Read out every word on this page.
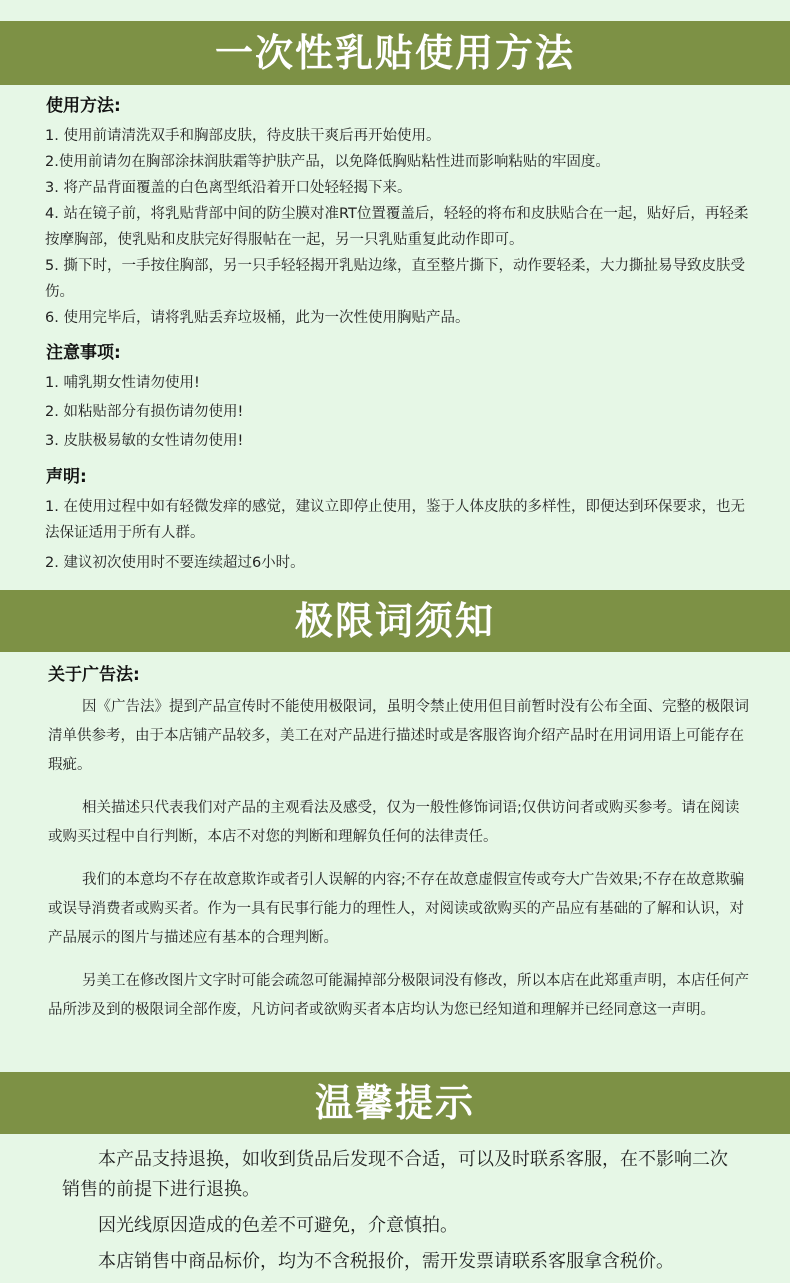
一次性乳贴使用方法
使用方法:
1. 使用前请清洗双手和胸部皮肤，待皮肤干爽后再开始使用。
2.使用前请勿在胸部涂抹润肤霜等护肤产品，以免降低胸贴粘性进而影响粘贴的牢固度。
3. 将产品背面覆盖的白色离型纸沿着开口处轻轻揭下来。
4. 站在镜子前，将乳贴背部中间的防尘膜对准RT位置覆盖后，轻轻的将布和皮肤贴合在一起，贴好后，再轻柔按摩胸部，使乳贴和皮肤完好得服帖在一起，另一只乳贴重复此动作即可。
5. 撕下时，一手按住胸部，另一只手轻轻揭开乳贴边缘，直至整片撕下，动作要轻柔，大力撕扯易导致皮肤受伤。
6. 使用完毕后，请将乳贴丢弃垃圾桶，此为一次性使用胸贴产品。
注意事项:
1. 哺乳期女性请勿使用!
2. 如粘贴部分有损伤请勿使用!
3. 皮肤极易敏的女性请勿使用!
声明:
1. 在使用过程中如有轻微发痒的感觉，建议立即停止使用，鉴于人体皮肤的多样性，即便达到环保要求，也无法保证适用于所有人群。
2. 建议初次使用时不要连续超过6小时。
极限词须知
关于广告法:
因《广告法》提到产品宣传时不能使用极限词，虽明令禁止使用但目前暂时没有公布全面、完整的极限词清单供参考，由于本店铺产品较多，美工在对产品进行描述时或是客服咨询介绍产品时在用词用语上可能存在瑕疵。
相关描述只代表我们对产品的主观看法及感受，仅为一般性修饰词语;仅供访问者或购买参考。请在阅读或购买过程中自行判断，本店不对您的判断和理解负任何的法律责任。
我们的本意均不存在故意欺诈或者引人误解的内容;不存在故意虚假宣传或夸大广告效果;不存在故意欺骗或误导消费者或购买者。作为一具有民事行能力的理性人，对阅读或欲购买的产品应有基础的了解和认识，对产品展示的图片与描述应有基本的合理判断。
另美工在修改图片文字时可能会疏忽可能漏掉部分极限词没有修改，所以本店在此郑重声明，本店任何产品所涉及到的极限词全部作废，凡访问者或欲购买者本店均认为您已经知道和理解并已经同意这一声明。
温馨提示
本产品支持退换，如收到货品后发现不合适，可以及时联系客服，在不影响二次销售的前提下进行退换。
因光线原因造成的色差不可避免，介意慎拍。
本店销售中商品标价，均为不含税报价，需开发票请联系客服拿含税价。
